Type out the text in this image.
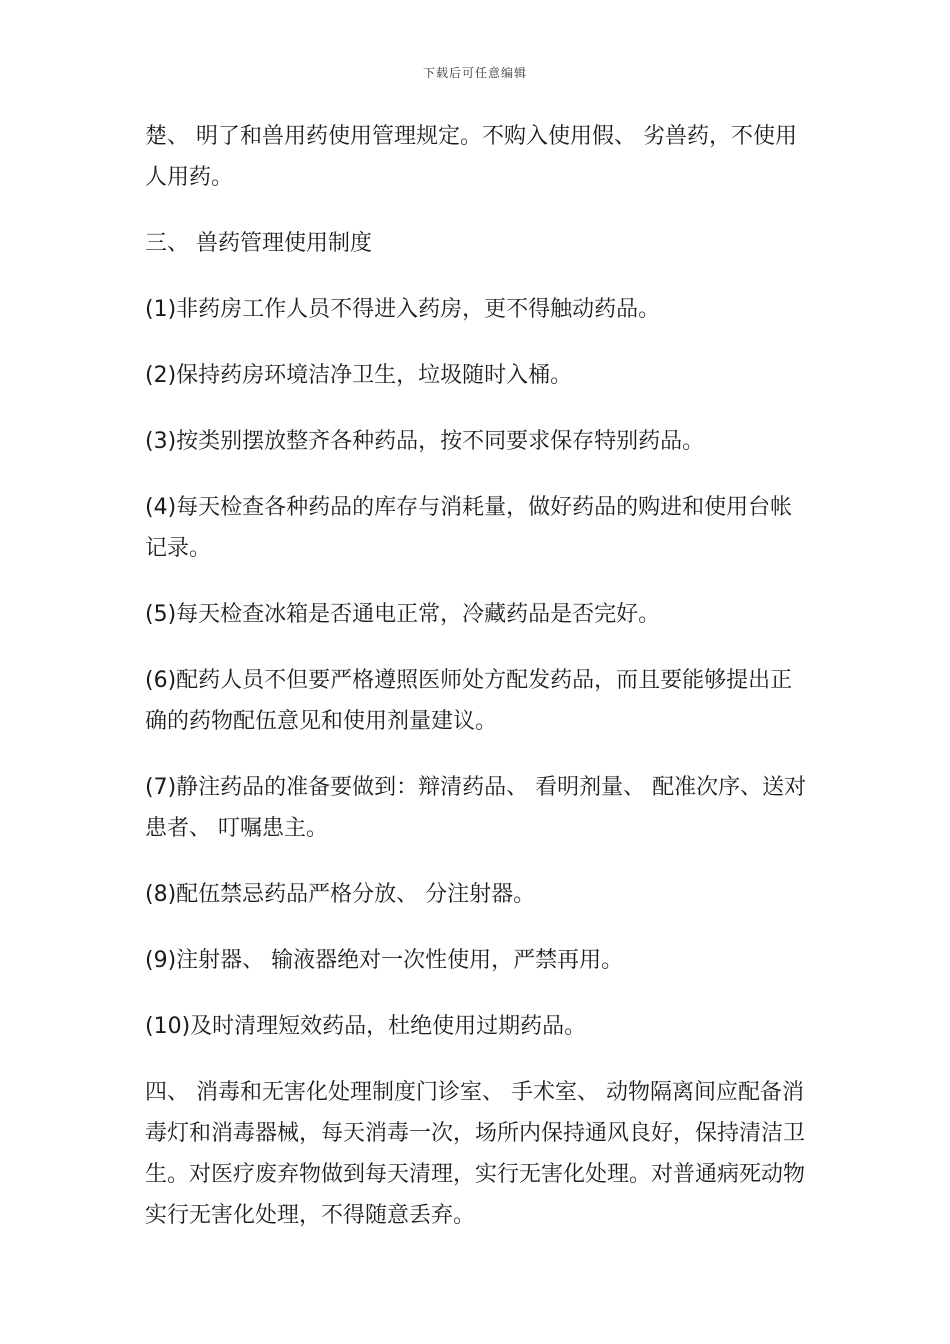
下载后可任意编辑

楚、 明了和兽用药使用管理规定。不购入使用假、 劣兽药，不使用人用药。

三、 兽药管理使用制度

(1)非药房工作人员不得进入药房，更不得触动药品。

(2)保持药房环境洁净卫生，垃圾随时入桶。

(3)按类别摆放整齐各种药品，按不同要求保存特别药品。

(4)每天检查各种药品的库存与消耗量，做好药品的购进和使用台帐记录。

(5)每天检查冰箱是否通电正常，冷藏药品是否完好。

(6)配药人员不但要严格遵照医师处方配发药品，而且要能够提出正确的药物配伍意见和使用剂量建议。

(7)静注药品的准备要做到：辩清药品、 看明剂量、 配准次序、送对患者、 叮嘱患主。

(8)配伍禁忌药品严格分放、 分注射器。

(9)注射器、 输液器绝对一次性使用，严禁再用。

(10)及时清理短效药品，杜绝使用过期药品。

四、 消毒和无害化处理制度门诊室、 手术室、 动物隔离间应配备消毒灯和消毒器械，每天消毒一次，场所内保持通风良好，保持清洁卫生。对医疗废弃物做到每天清理，实行无害化处理。对普通病死动物实行无害化处理，不得随意丢弃。
